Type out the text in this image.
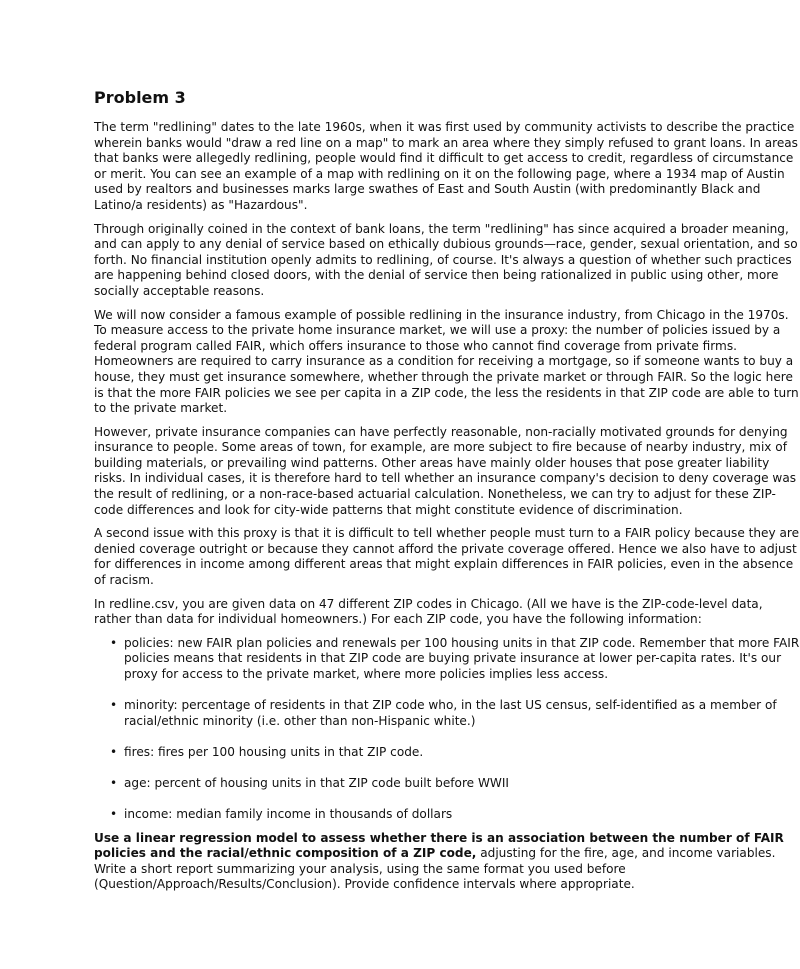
Problem 3

The term "redlining" dates to the late 1960s, when it was first used by community activists to describe the practice wherein banks would "draw a red line on a map" to mark an area where they simply refused to grant loans. In areas that banks were allegedly redlining, people would find it difficult to get access to credit, regardless of circumstance or merit. You can see an example of a map with redlining on it on the following page, where a 1934 map of Austin used by realtors and businesses marks large swathes of East and South Austin (with predominantly Black and Latino/a residents) as "Hazardous".

Through originally coined in the context of bank loans, the term "redlining" has since acquired a broader meaning, and can apply to any denial of service based on ethically dubious grounds—race, gender, sexual orientation, and so forth. No financial institution openly admits to redlining, of course. It's always a question of whether such practices are happening behind closed doors, with the denial of service then being rationalized in public using other, more socially acceptable reasons.

We will now consider a famous example of possible redlining in the insurance industry, from Chicago in the 1970s. To measure access to the private home insurance market, we will use a proxy: the number of policies issued by a federal program called FAIR, which offers insurance to those who cannot find coverage from private firms. Homeowners are required to carry insurance as a condition for receiving a mortgage, so if someone wants to buy a house, they must get insurance somewhere, whether through the private market or through FAIR. So the logic here is that the more FAIR policies we see per capita in a ZIP code, the less the residents in that ZIP code are able to turn to the private market.

However, private insurance companies can have perfectly reasonable, non-racially motivated grounds for denying insurance to people. Some areas of town, for example, are more subject to fire because of nearby industry, mix of building materials, or prevailing wind patterns. Other areas have mainly older houses that pose greater liability risks. In individual cases, it is therefore hard to tell whether an insurance company's decision to deny coverage was the result of redlining, or a non-race-based actuarial calculation. Nonetheless, we can try to adjust for these ZIP-code differences and look for city-wide patterns that might constitute evidence of discrimination.

A second issue with this proxy is that it is difficult to tell whether people must turn to a FAIR policy because they are denied coverage outright or because they cannot afford the private coverage offered. Hence we also have to adjust for differences in income among different areas that might explain differences in FAIR policies, even in the absence of racism.

In redline.csv, you are given data on 47 different ZIP codes in Chicago. (All we have is the ZIP-code-level data, rather than data for individual homeowners.) For each ZIP code, you have the following information:

• policies: new FAIR plan policies and renewals per 100 housing units in that ZIP code. Remember that more FAIR policies means that residents in that ZIP code are buying private insurance at lower per-capita rates. It's our proxy for access to the private market, where more policies implies less access.
• minority: percentage of residents in that ZIP code who, in the last US census, self-identified as a member of racial/ethnic minority (i.e. other than non-Hispanic white.)
• fires: fires per 100 housing units in that ZIP code.
• age: percent of housing units in that ZIP code built before WWII
• income: median family income in thousands of dollars

Use a linear regression model to assess whether there is an association between the number of FAIR policies and the racial/ethnic composition of a ZIP code, adjusting for the fire, age, and income variables. Write a short report summarizing your analysis, using the same format you used before (Question/Approach/Results/Conclusion). Provide confidence intervals where appropriate.
